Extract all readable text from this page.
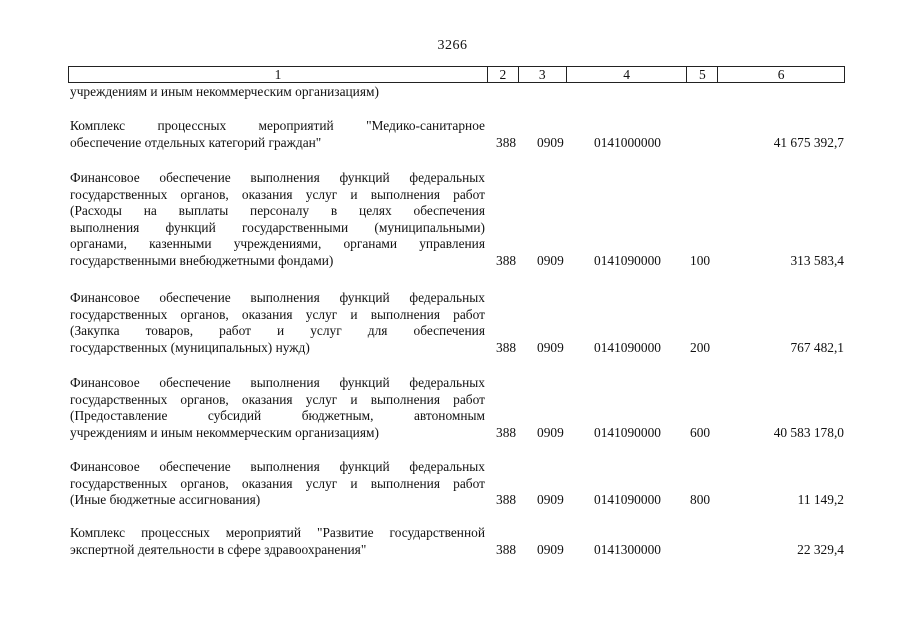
3266
1	2	3	4	5	6
учреждениям и иным некоммерческим организациям)
Комплекс процессных мероприятий "Медико-санитарное
обеспечение отдельных категорий граждан"	388 0909 0141000000	41 675 392,7
Финансовое обеспечение выполнения функций федеральных
государственных органов, оказания услуг и выполнения работ
(Расходы на выплаты персоналу в целях обеспечения
выполнения функций государственными (муниципальными)
органами, казенными учреждениями, органами управления
государственными внебюджетными фондами)	388 0909 0141090000 100	313 583,4
Финансовое обеспечение выполнения функций федеральных
государственных органов, оказания услуг и выполнения работ
(Закупка товаров, работ и услуг для обеспечения
государственных (муниципальных) нужд)	388 0909 0141090000 200	767 482,1
Финансовое обеспечение выполнения функций федеральных
государственных органов, оказания услуг и выполнения работ
(Предоставление субсидий бюджетным, автономным
учреждениям и иным некоммерческим организациям)	388 0909 0141090000 600	40 583 178,0
Финансовое обеспечение выполнения функций федеральных
государственных органов, оказания услуг и выполнения работ
(Иные бюджетные ассигнования)	388 0909 0141090000 800	11 149,2
Комплекс процессных мероприятий "Развитие государственной
экспертной деятельности в сфере здравоохранения"	388 0909 0141300000	22 329,4
